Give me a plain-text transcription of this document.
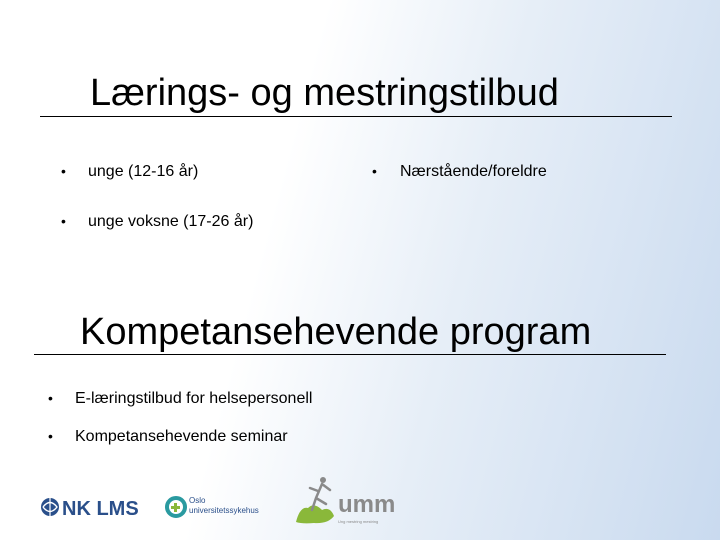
Lærings- og mestringstilbud
• unge (12-16 år)
• unge voksne (17-26 år)
• Nærstående/foreldre
Kompetansehevende program
• E-læringstilbud for helsepersonell
• Kompetansehevende seminar
NK LMS	Oslo
universitetssykehus	umm
Ung mestring mestring
